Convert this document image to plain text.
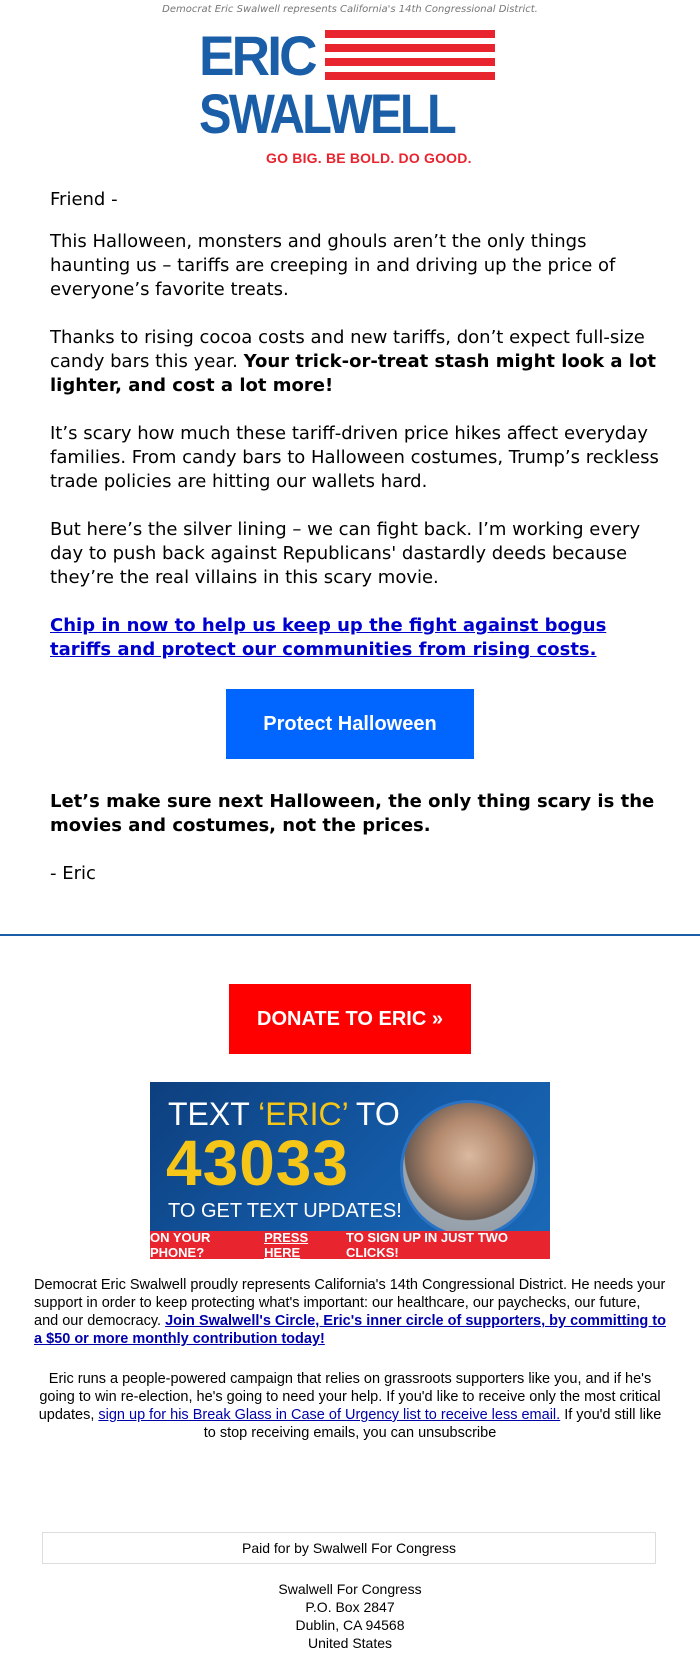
Democrat Eric Swalwell represents California's 14th Congressional District.
ERIC
SWALWELL
GO BIG. BE BOLD. DO GOOD.

Friend -

This Halloween, monsters and ghouls aren’t the only things haunting us – tariffs are creeping in and driving up the price of everyone’s favorite treats.

Thanks to rising cocoa costs and new tariffs, don’t expect full-size candy bars this year. Your trick-or-treat stash might look a lot lighter, and cost a lot more!

It’s scary how much these tariff-driven price hikes affect everyday families. From candy bars to Halloween costumes, Trump’s reckless trade policies are hitting our wallets hard.

But here’s the silver lining – we can fight back. I’m working every day to push back against Republicans' dastardly deeds because they’re the real villains in this scary movie.

Chip in now to help us keep up the fight against bogus tariffs and protect our communities from rising costs.
Protect Halloween

Let’s make sure next Halloween, the only thing scary is the movies and costumes, not the prices.

- Eric

DONATE TO ERIC »
TEXT ‘ERIC’ TO
43033
TO GET TEXT UPDATES!
ON YOUR PHONE?

PRESS HERE

TO SIGN UP IN JUST TWO CLICKS!
Democrat Eric Swalwell proudly represents California's 14th Congressional District. He needs your support in order to keep protecting what's important: our healthcare, our paychecks, our future, and our democracy. Join Swalwell's Circle, Eric's inner circle of supporters, by committing to a $50 or more monthly contribution today!
Eric runs a people-powered campaign that relies on grassroots supporters like you, and if he's going to win re-election, he's going to need your help. If you'd like to receive only the most critical updates, sign up for his Break Glass in Case of Urgency list to receive less email. If you'd still like to stop receiving emails, you can unsubscribe
Paid for by Swalwell For Congress
Swalwell For Congress
P.O. Box 2847
Dublin, CA 94568
United States
